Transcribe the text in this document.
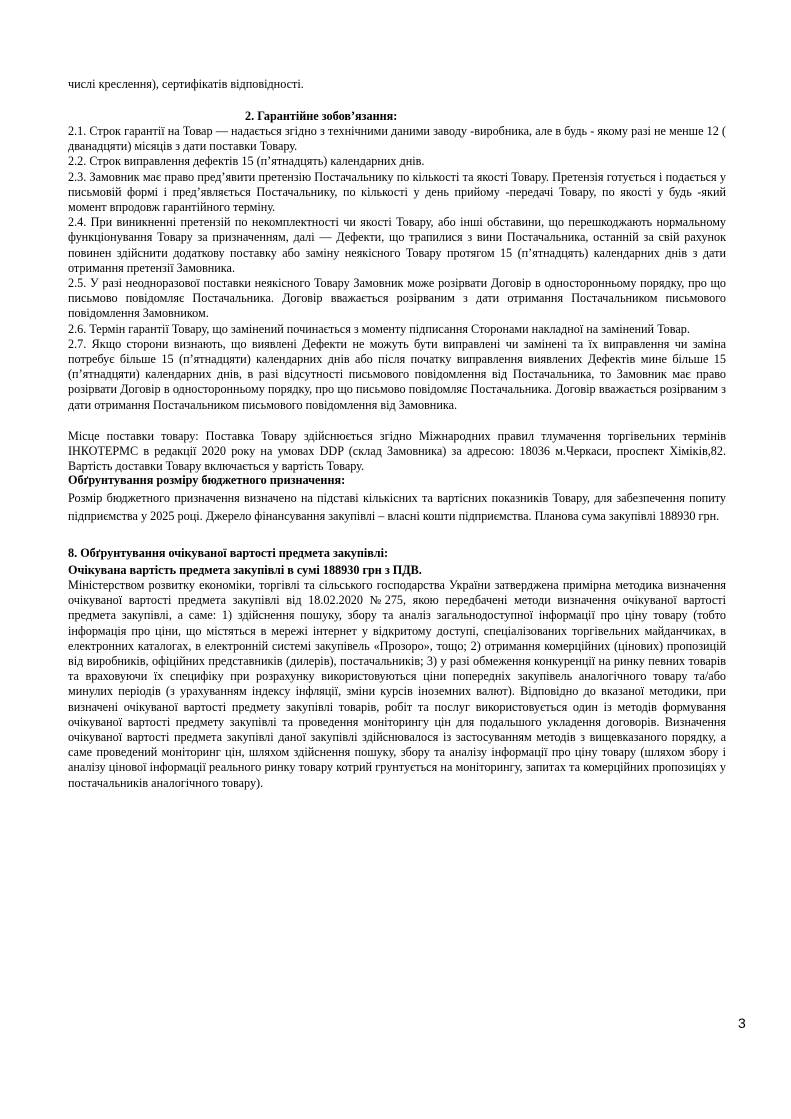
числі креслення), сертифікатів відповідності.

2. Гарантійне зобов’язання:

2.1. Строк гарантії на Товар — надається згідно з технічними даними заводу -виробника, але в будь - якому разі не менше 12 ( дванадцяти) місяців з дати поставки Товару.

2.2. Строк виправлення дефектів 15 (п’ятнадцять) календарних днів.

2.3. Замовник має право пред’явити претензію Постачальнику по кількості та якості Товару. Претензія готується і подається у письмовій формі і пред’являється Постачальнику, по кількості у день прийому -передачі Товару, по якості у будь -який момент впродовж гарантійного терміну.

2.4. При виникненні претензій по некомплектності чи якості Товару, або інші обставини, що перешкоджають нормальному функціонування Товару за призначенням, далі — Дефекти, що трапилися з вини Постачальника, останній за свій рахунок повинен здійснити додаткову поставку або заміну неякісного Товару протягом 15 (п’ятнадцять) календарних днів з дати отримання претензії Замовника.

2.5. У разі неодноразової поставки неякісного Товару Замовник може розірвати Договір в односторонньому порядку, про що письмово повідомляє Постачальника. Договір вважається розірваним з дати отримання Постачальником письмового повідомлення Замовником.

2.6. Термін гарантії Товару, що замінений починається з моменту підписання Сторонами накладної на замінений Товар.

2.7. Якщо сторони визнають, що виявлені Дефекти не можуть бути виправлені чи замінені та їх виправлення чи заміна потребує більше 15 (п’ятнадцяти) календарних днів або після початку виправлення виявлених Дефектів мине більше 15 (п’ятнадцяти) календарних днів, в разі відсутності письмового повідомлення від Постачальника, то Замовник має право розірвати Договір в односторонньому порядку, про що письмово повідомляє Постачальника. Договір вважається розірваним з дати отримання Постачальником письмового повідомлення від Замовника.

Місце поставки товару: Поставка Товару здійснюється згідно Міжнародних правил тлумачення торгівельних термінів ІНКОТЕРМС в редакції 2020 року на умовах DDP (склад Замовника) за адресою: 18036 м.Черкаси, проспект Хіміків,82. Вартість доставки Товару включається у вартість Товару.

Обґрунтування розміру бюджетного призначення:

Розмір бюджетного призначення визначено на підставі кількісних та вартісних показників Товару, для забезпечення попиту підприємства у 2025 році. Джерело фінансування закупівлі – власні кошти підприємства. Планова сума закупівлі 188930 грн.

8. Обґрунтування очікуваної вартості предмета закупівлі:

Очікувана вартість предмета закупівлі в сумі 188930 грн з ПДВ.

Міністерством розвитку економіки, торгівлі та сільського господарства України затверджена примірна методика визначення очікуваної вартості предмета закупівлі від 18.02.2020 №275, якою передбачені методи визначення очікуваної вартості предмета закупівлі, а саме: 1) здійснення пошуку, збору та аналіз загальнодоступної інформації про ціну товару (тобто інформація про ціни, що містяться в мережі інтернет у відкритому доступі, спеціалізованих торгівельних майданчиках, в електронних каталогах, в електронній системі закупівель «Прозоро», тощо; 2) отримання комерційних (цінових) пропозицій від виробників, офіційних представників (дилерів), постачальників; 3) у разі обмеження конкуренції на ринку певних товарів та враховуючи їх специфіку при розрахунку використовуються ціни попередніх закупівель аналогічного товару та/або минулих періодів (з урахуванням індексу інфляції, зміни курсів іноземних валют). Відповідно до вказаної методики, при визначені очікуваної вартості предмету закупівлі товарів, робіт та послуг використовується один із методів формування очікуваної вартості предмету закупівлі та проведення моніторингу цін для подальшого укладення договорів. Визначення очікуваної вартості предмета закупівлі даної закупівлі здійснювалося із застосуванням методів з вищевказаного порядку, а саме проведений моніторинг цін, шляхом здійснення пошуку, збору та аналізу інформації про ціну товару (шляхом збору і аналізу цінової інформації реального ринку товару котрий грунтується на моніторингу, запитах та комерційних пропозиціях у постачальників аналогічного товару).

3
